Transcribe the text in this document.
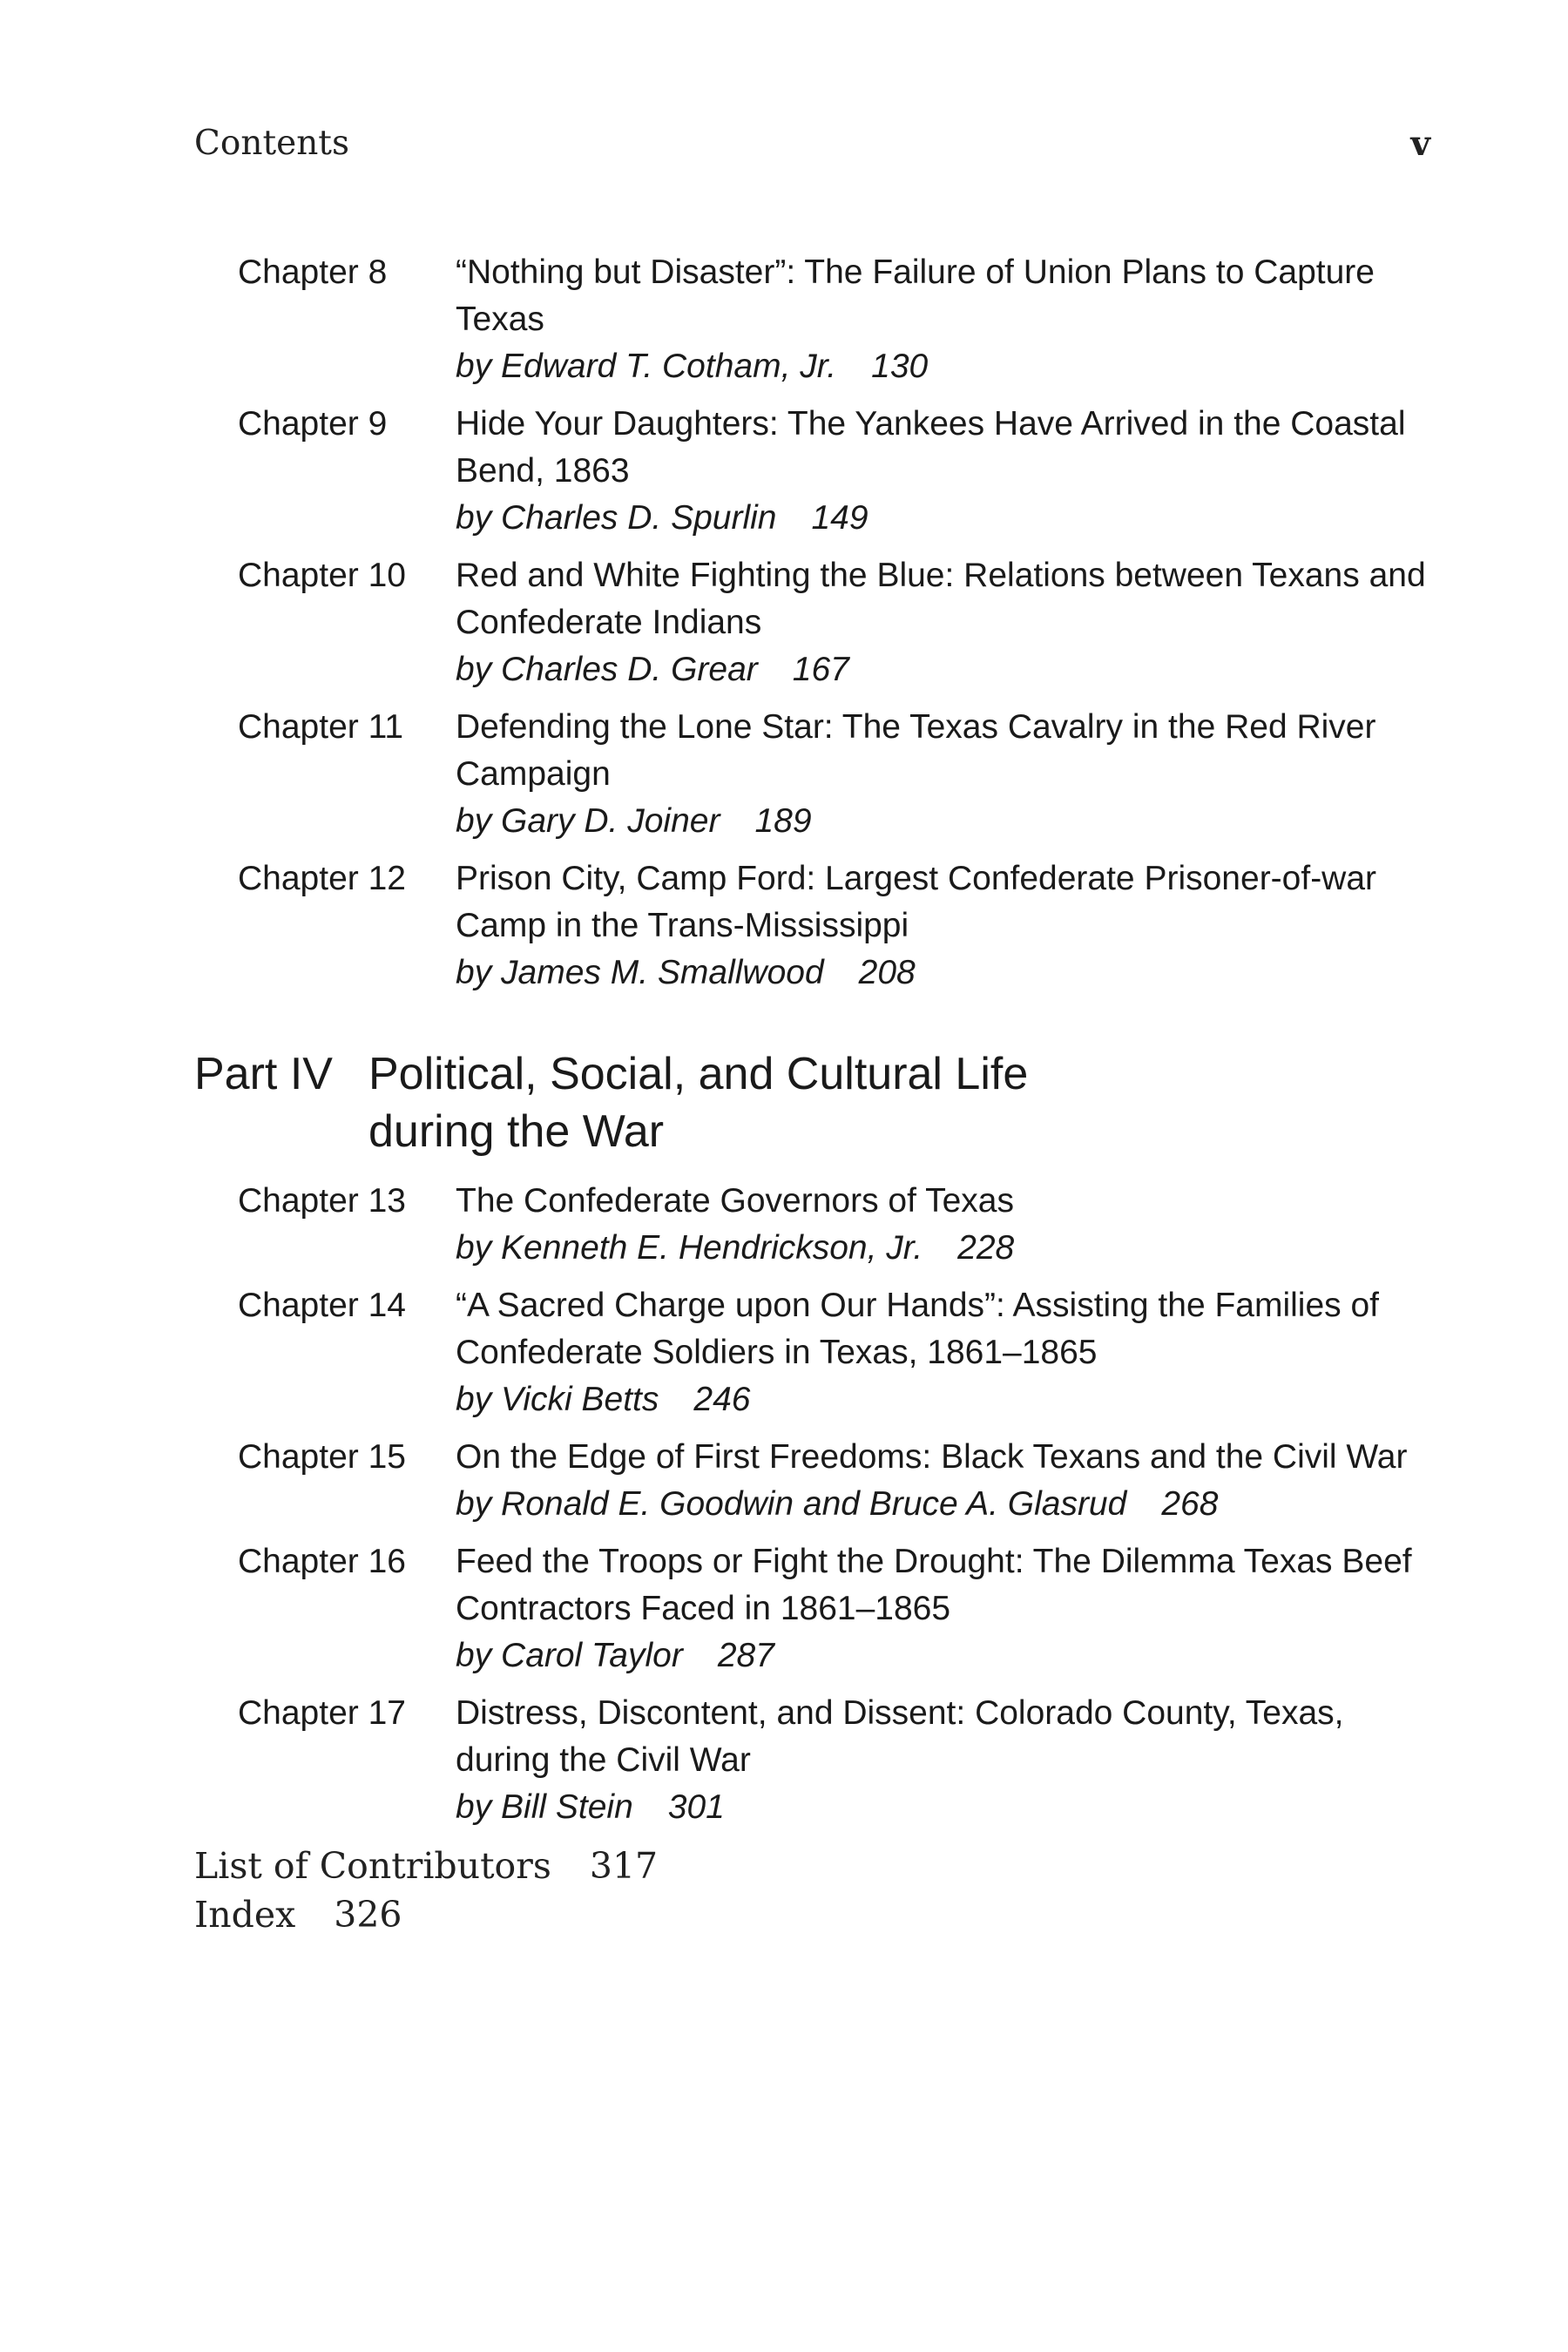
Contents	v
Chapter 8	“Nothing but Disaster”: The Failure of Union Plans to Capture Texas
by Edward T. Cotham, Jr. 130
Chapter 9	Hide Your Daughters: The Yankees Have Arrived in the Coastal Bend, 1863
by Charles D. Spurlin 149
Chapter 10	Red and White Fighting the Blue: Relations between Texans and Confederate Indians
by Charles D. Grear 167
Chapter 11	Defending the Lone Star: The Texas Cavalry in the Red River Campaign
by Gary D. Joiner 189
Chapter 12	Prison City, Camp Ford: Largest Confederate Prisoner-of-war Camp in the Trans-Mississippi
by James M. Smallwood 208
Part IV Political, Social, and Cultural Life during the War
Chapter 13	The Confederate Governors of Texas
by Kenneth E. Hendrickson, Jr. 228
Chapter 14	“A Sacred Charge upon Our Hands”: Assisting the Families of Confederate Soldiers in Texas, 1861–1865
by Vicki Betts 246
Chapter 15	On the Edge of First Freedoms: Black Texans and the Civil War
by Ronald E. Goodwin and Bruce A. Glasrud 268
Chapter 16	Feed the Troops or Fight the Drought: The Dilemma Texas Beef Contractors Faced in 1861–1865
by Carol Taylor 287
Chapter 17	Distress, Discontent, and Dissent: Colorado County, Texas, during the Civil War
by Bill Stein 301
List of Contributors 317
Index 326
